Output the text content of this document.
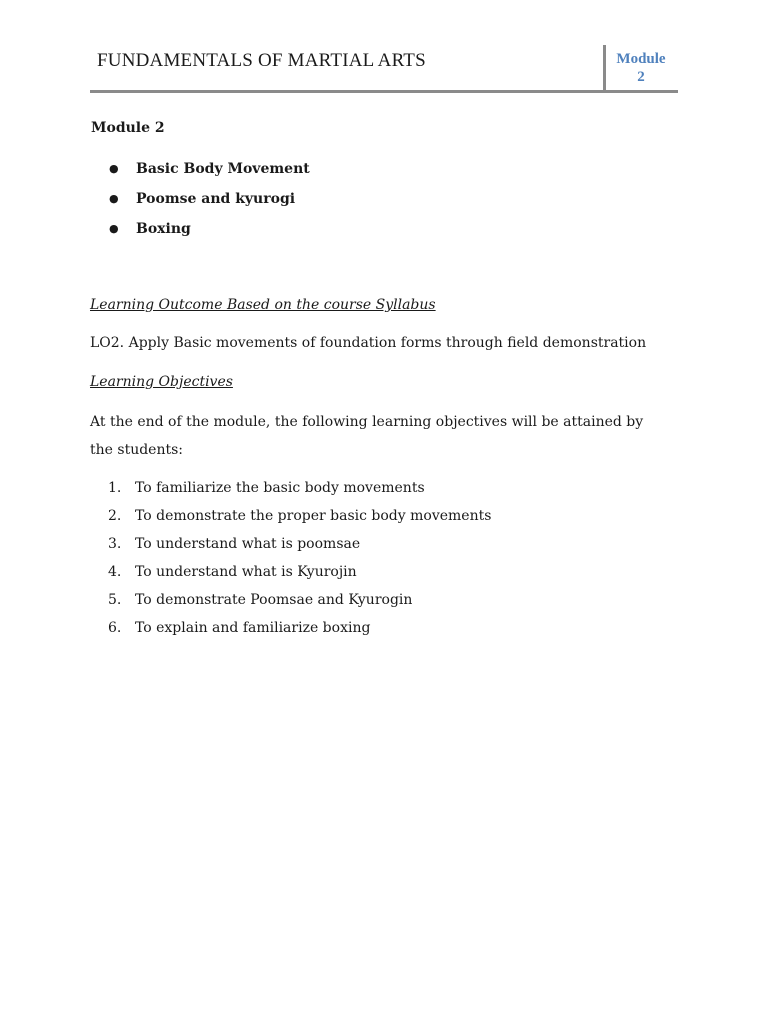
FUNDAMENTALS OF MARTIAL ARTS	Module
2
Module 2
● Basic Body Movement
● Poomse and kyurogi
● Boxing
Learning Outcome Based on the course Syllabus
LO2. Apply Basic movements of foundation forms through field demonstration
Learning Objectives
At the end of the module, the following learning objectives will be attained by the students:
1. To familiarize the basic body movements
2. To demonstrate the proper basic body movements
3. To understand what is poomsae
4. To understand what is Kyurojin
5. To demonstrate Poomsae and Kyurogin
6. To explain and familiarize boxing
